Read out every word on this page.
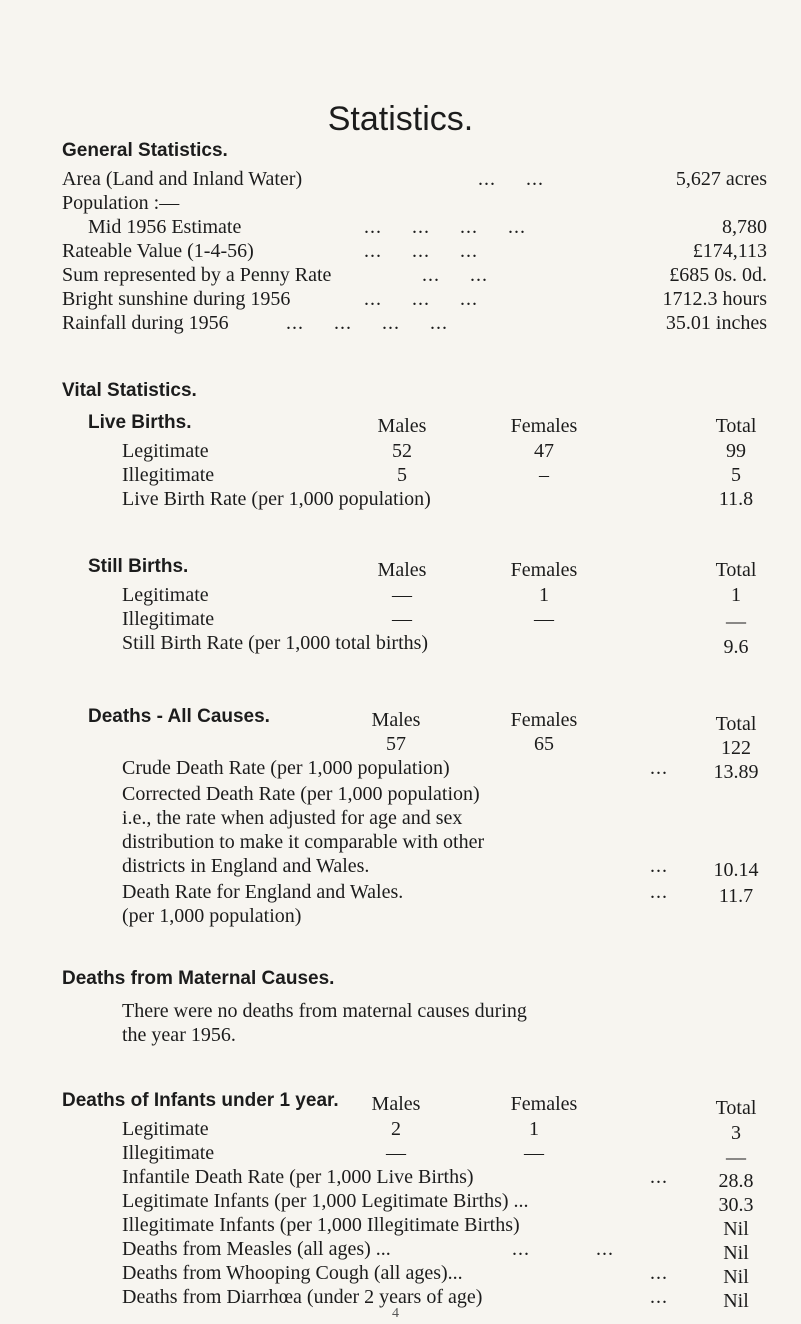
Statistics.
General Statistics.
Area (Land and Inland Water)	...     ...	5,627 acres
Population :—
Mid 1956 Estimate	...     ...     ...     ...	8,780
Rateable Value (1-4-56)	...     ...     ...	£174,113
Sum represented by a Penny Rate	...     ...	£685 0s. 0d.
Bright sunshine during 1956	...     ...     ...	1712.3 hours
Rainfall during 1956	...     ...     ...     ...	35.01 inches
Vital Statistics.
Live Births.	Males	Females	Total
Legitimate	52	47	99
Illegitimate	5	–	5
Live Birth Rate (per 1,000 population)	11.8
Still Births.	Males	Females	Total
Legitimate	—	1	1
Illegitimate	—	—	__
Still Birth Rate (per 1,000 total births)	9.6
Deaths - All Causes.	Males	Females	Total
57	65	122
Crude Death Rate (per 1,000 population)	...	13.89
Corrected Death Rate (per 1,000 population)
i.e., the rate when adjusted for age and sex
distribution to make it comparable with other
districts in England and Wales.	...	10.14
Death Rate for England and Wales.	...	11.7
(per 1,000 population)
Deaths from Maternal Causes.
There were no deaths from maternal causes during
the year 1956.
Deaths of Infants under 1 year.	Males	Females	Total
Legitimate	2	1	3
Illegitimate	—	—	__
Infantile Death Rate (per 1,000 Live Births)	...	28.8
Legitimate Infants (per 1,000 Legitimate Births) ...	30.3
Illegitimate Infants (per 1,000 Illegitimate Births)	Nil
Deaths from Measles (all ages) ...	...           ...	Nil
Deaths from Whooping Cough (all ages)...	...	Nil
Deaths from Diarrhœa (under 2 years of age)	...	Nil
4
